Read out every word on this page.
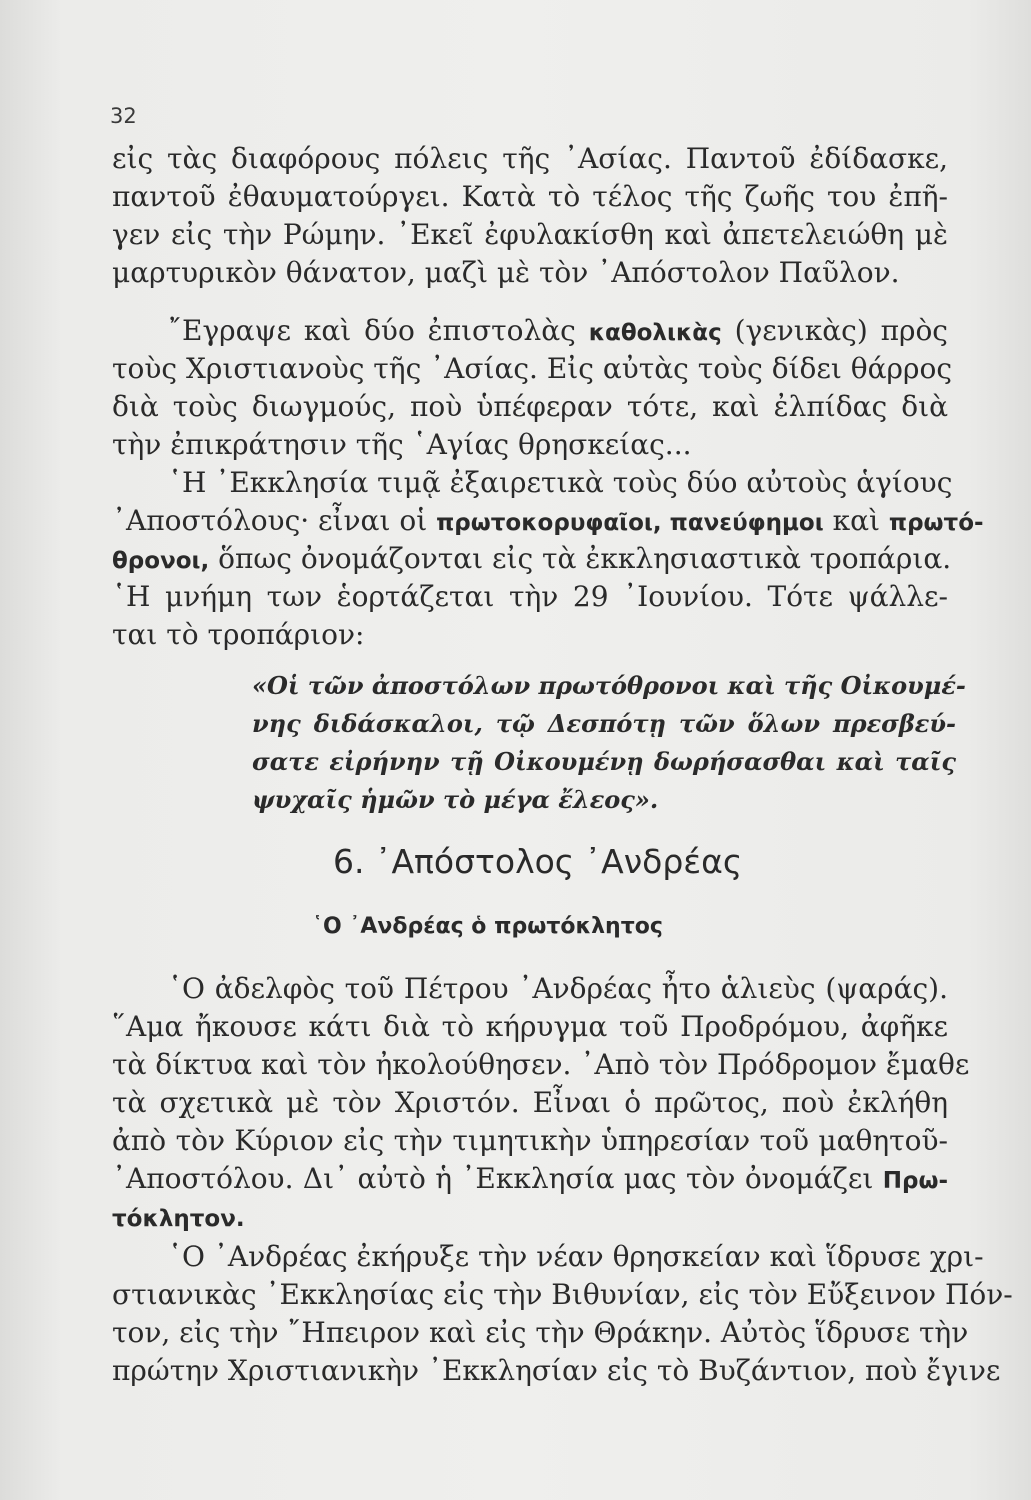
32
εἰς τὰς διαφόρους πόλεις τῆς ᾿Ασίας. Παντοῦ ἐδίδασκε,
παντοῦ ἐθαυματούργει. Κατὰ τὸ τέλος τῆς ζωῆς του ἐπῆ-
γεν εἰς τὴν Ρώμην. ᾿Εκεῖ ἐφυλακίσθη καὶ ἀπετελειώθη μὲ
μαρτυρικὸν θάνατον, μαζὶ μὲ τὸν ᾿Απόστολον Παῦλον.
῎Εγραψε καὶ δύο ἐπιστολὰς καθολικὰς (γενικὰς) πρὸς
τοὺς Χριστιανοὺς τῆς ᾿Ασίας. Εἰς αὐτὰς τοὺς δίδει θάρρος
διὰ τοὺς διωγμούς, ποὺ ὑπέφεραν τότε, καὶ ἐλπίδας διὰ
τὴν ἐπικράτησιν τῆς ῾Αγίας θρησκείας...
῾Η ᾿Εκκλησία τιμᾷ ἐξαιρετικὰ τοὺς δύο αὐτοὺς ἁγίους
᾿Αποστόλους· εἶναι οἱ πρωτοκορυφαῖοι, πανεύφημοι καὶ πρωτό-
θρονοι, ὅπως ὀνομάζονται εἰς τὰ ἐκκλησιαστικὰ τροπάρια.
῾Η μνήμη των ἑορτάζεται τὴν 29 ᾿Ιουνίου. Τότε ψάλλε-
ται τὸ τροπάριον:
«Οἱ τῶν ἀποστόλων πρωτόθρονοι καὶ τῆς Οἰκουμέ-
νης διδάσκαλοι, τῷ Δεσπότῃ τῶν ὅλων πρεσβεύ-
σατε εἰρήνην τῇ Οἰκουμένῃ δωρήσασθαι καὶ ταῖς
ψυχαῖς ἡμῶν τὸ μέγα ἔλεος».
6. ᾿Απόστολος ᾿Ανδρέας
῾Ο ᾿Ανδρέας ὁ πρωτόκλητος
῾Ο ἀδελφὸς τοῦ Πέτρου ᾿Ανδρέας ἦτο ἁλιεὺς (ψαράς).
῞Αμα ἤκουσε κάτι διὰ τὸ κήρυγμα τοῦ Προδρόμου, ἀφῆκε
τὰ δίκτυα καὶ τὸν ἠκολούθησεν. ᾿Απὸ τὸν Πρόδρομον ἔμαθε
τὰ σχετικὰ μὲ τὸν Χριστόν. Εἶναι ὁ πρῶτος, ποὺ ἐκλήθη
ἀπὸ τὸν Κύριον εἰς τὴν τιμητικὴν ὑπηρεσίαν τοῦ μαθητοῦ-
᾿Αποστόλου. Δι᾿ αὐτὸ ἡ ᾿Εκκλησία μας τὸν ὀνομάζει Πρω-
τόκλητον.
῾Ο ᾿Ανδρέας ἐκήρυξε τὴν νέαν θρησκείαν καὶ ἵδρυσε χρι-
στιανικὰς ᾿Εκκλησίας εἰς τὴν Βιθυνίαν, εἰς τὸν Εὔξεινον Πόν-
τον, εἰς τὴν ῎Ηπειρον καὶ εἰς τὴν Θράκην. Αὐτὸς ἵδρυσε τὴν
πρώτην Χριστιανικὴν ᾿Εκκλησίαν εἰς τὸ Βυζάντιον, ποὺ ἔγινε
